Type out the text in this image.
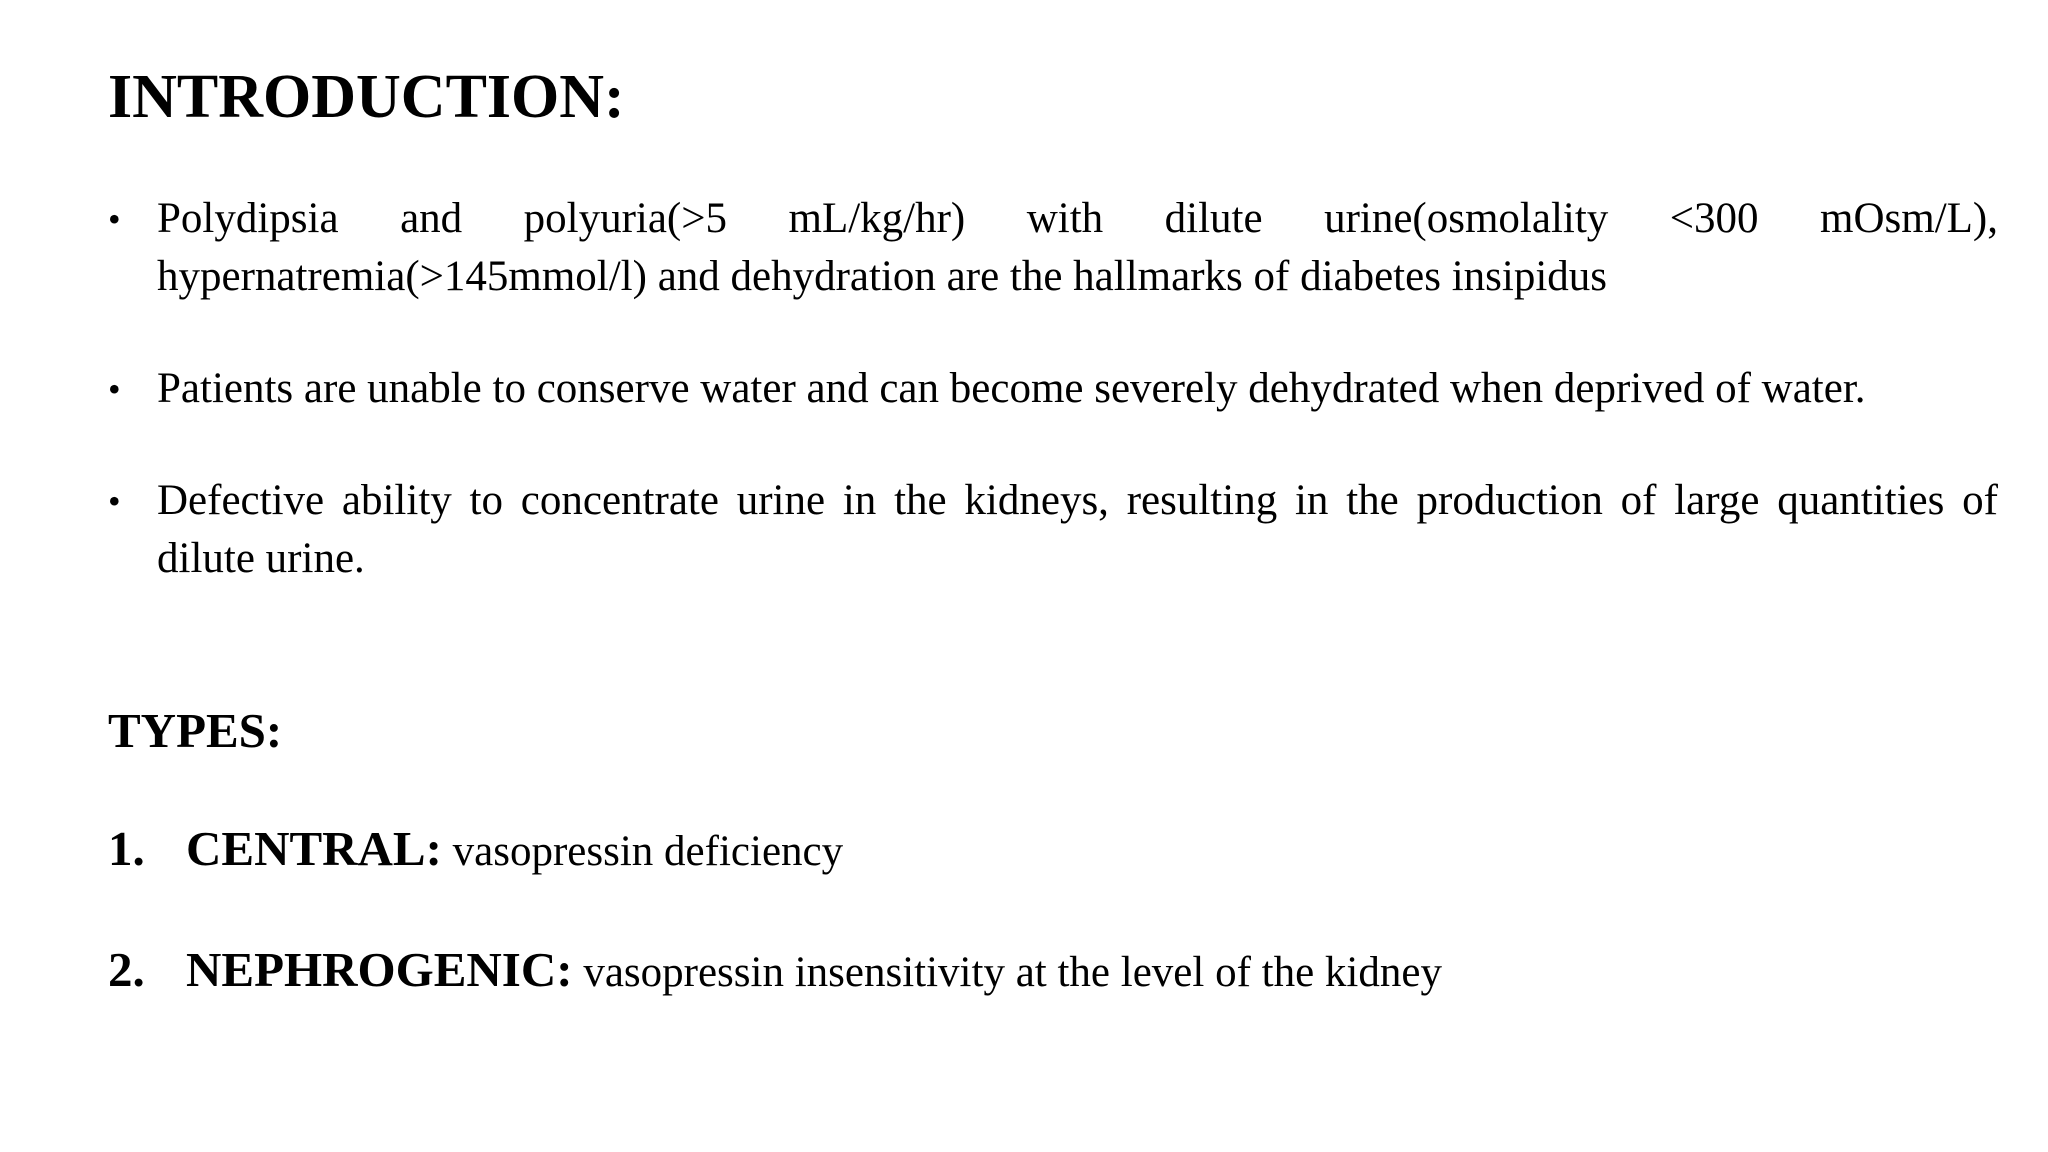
INTRODUCTION:
• Polydipsia and polyuria(>5 mL/kg/hr) with dilute urine(osmolality <300 mOsm/L), hypernatremia(>145mmol/l) and dehydration are the hallmarks of diabetes insipidus
• Patients are unable to conserve water and can become severely dehydrated when deprived of water.
• Defective ability to concentrate urine in the kidneys, resulting in the production of large quantities of dilute urine.
TYPES:
1. CENTRAL: vasopressin deficiency
2. NEPHROGENIC: vasopressin insensitivity at the level of the kidney
